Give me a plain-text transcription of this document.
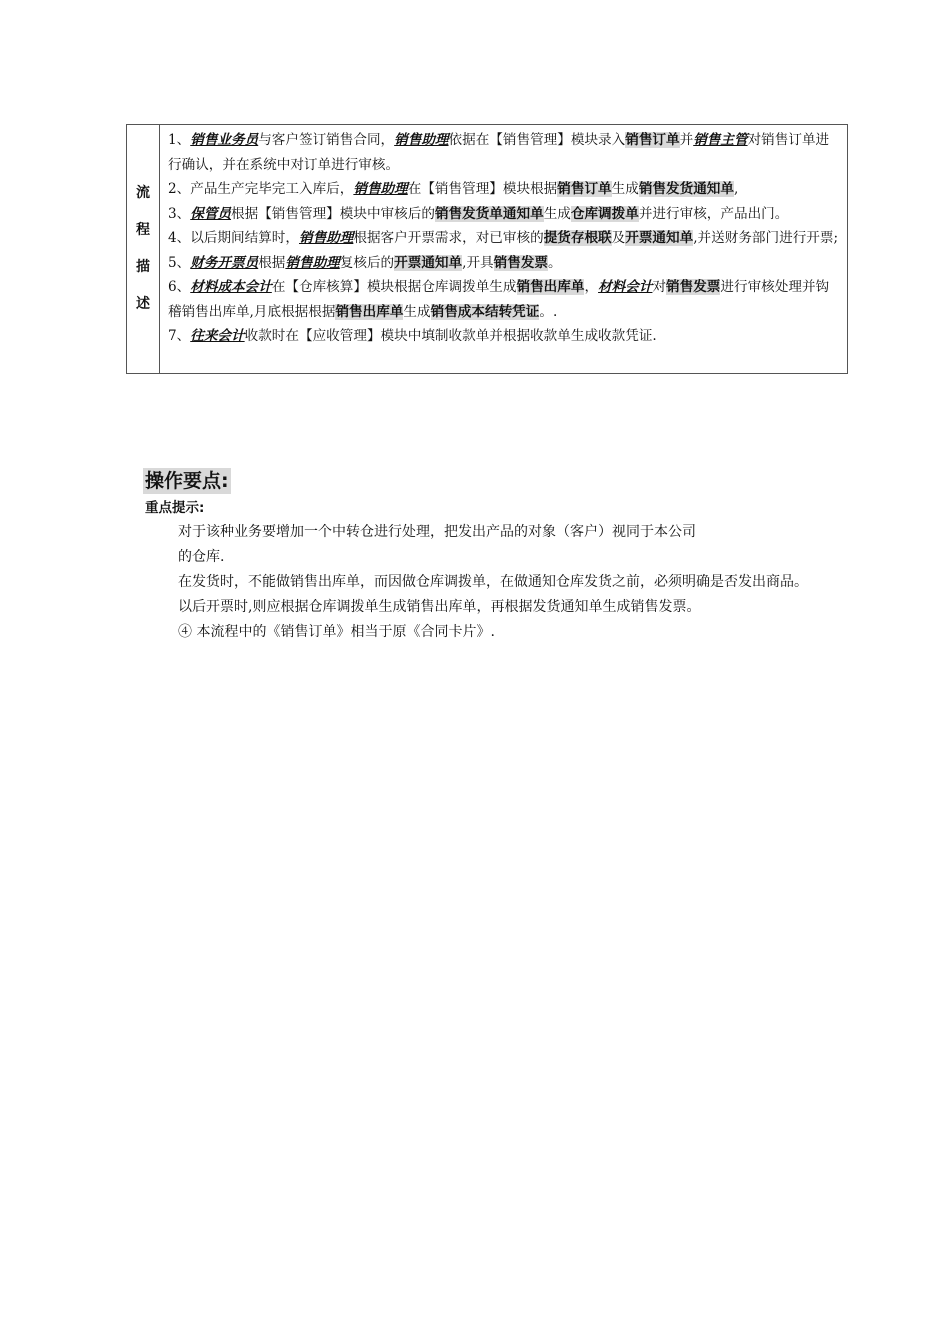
流
程
描
述

1、销售业务员与客户签订销售合同，销售助理依据在【销售管理】模块录入销售订单并销售主管对销售订单进行确认，并在系统中对订单进行审核。

2、产品生产完毕完工入库后，销售助理在【销售管理】模块根据销售订单生成销售发货通知单,

3、保管员根据【销售管理】模块中审核后的销售发货单通知单生成仓库调拨单并进行审核，产品出门。

4、以后期间结算时，销售助理根据客户开票需求，对已审核的提货存根联及开票通知单,并送财务部门进行开票;

5、财务开票员根据销售助理复核后的开票通知单,开具销售发票。

6、材料成本会计在【仓库核算】模块根据仓库调拨单生成销售出库单，材料会计对销售发票进行审核处理并钩稽销售出库单,月底根据根据销售出库单生成销售成本结转凭证。.

7、往来会计收款时在【应收管理】模块中填制收款单并根据收款单生成收款凭证.

操作要点:
重点提示:

对于该种业务要增加一个中转仓进行处理，把发出产品的对象（客户）视同于本公司

的仓库.

在发货时，不能做销售出库单，而因做仓库调拨单，在做通知仓库发货之前，必须明确是否发出商品。

以后开票时,则应根据仓库调拨单生成销售出库单，再根据发货通知单生成销售发票。

④ 本流程中的《销售订单》相当于原《合同卡片》.
